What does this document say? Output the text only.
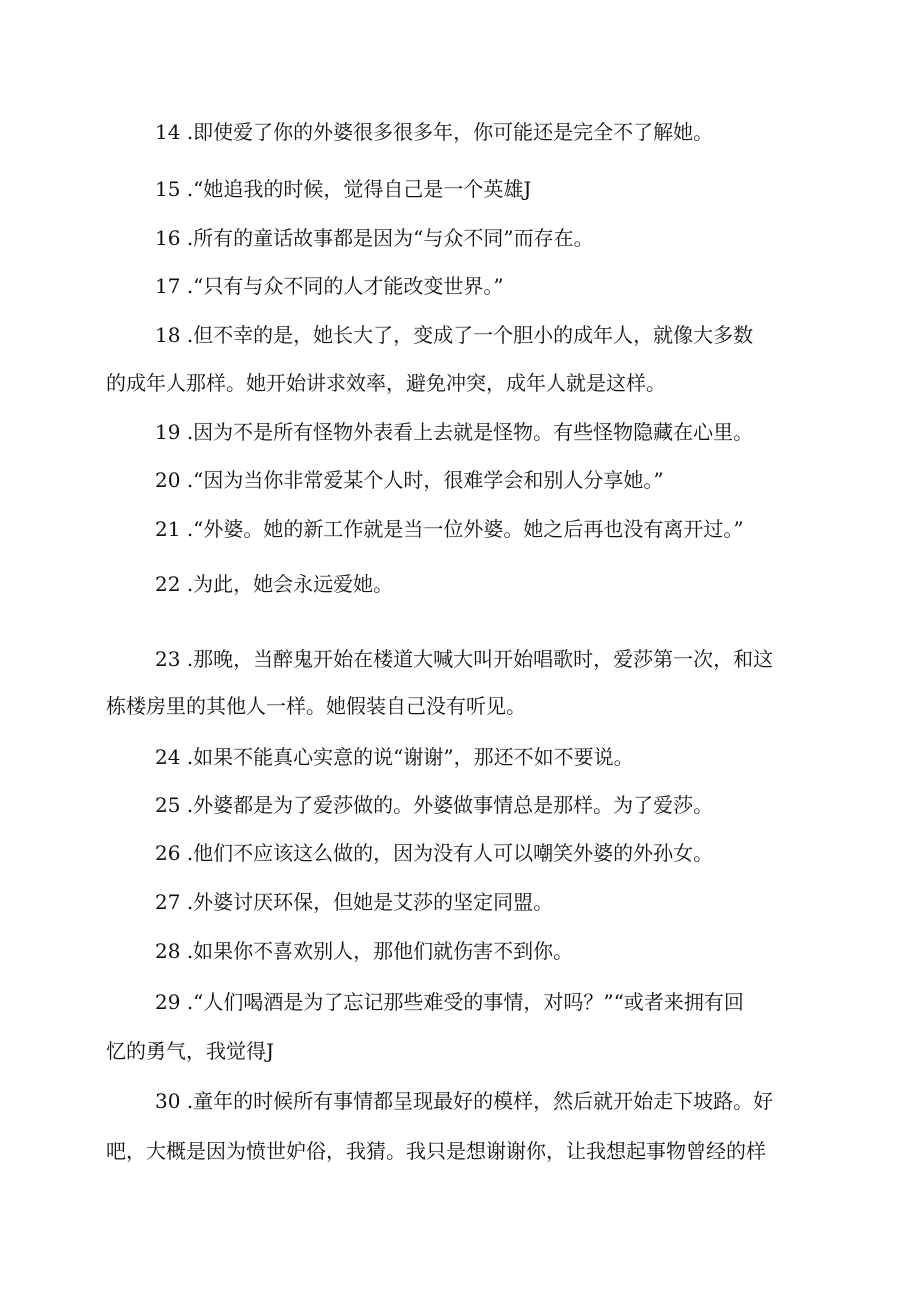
14 .即使爱了你的外婆很多很多年，你可能还是完全不了解她。

15 .“她追我的时候，觉得自己是一个英雄J

16 .所有的童话故事都是因为“与众不同”而存在。

17 .“只有与众不同的人才能改变世界。”

18 .但不幸的是，她长大了，变成了一个胆小的成年人，就像大多数

的成年人那样。她开始讲求效率，避免冲突，成年人就是这样。

19 .因为不是所有怪物外表看上去就是怪物。有些怪物隐藏在心里。

20 .“因为当你非常爱某个人时，很难学会和别人分享她。”

21 .“外婆。她的新工作就是当一位外婆。她之后再也没有离开过。”

22 .为此，她会永远爱她。

23 .那晚，当醉鬼开始在楼道大喊大叫开始唱歌时，爱莎第一次，和这

栋楼房里的其他人一样。她假装自己没有听见。

24 .如果不能真心实意的说“谢谢”，那还不如不要说。

25 .外婆都是为了爱莎做的。外婆做事情总是那样。为了爱莎。

26 .他们不应该这么做的，因为没有人可以嘲笑外婆的外孙女。

27 .外婆讨厌环保，但她是艾莎的坚定同盟。

28 .如果你不喜欢别人，那他们就伤害不到你。

29 .“人们喝酒是为了忘记那些难受的事情，对吗？”“或者来拥有回

忆的勇气，我觉得J

30 .童年的时候所有事情都呈现最好的模样，然后就开始走下坡路。好

吧，大概是因为愤世妒俗，我猜。我只是想谢谢你，让我想起事物曾经的样
